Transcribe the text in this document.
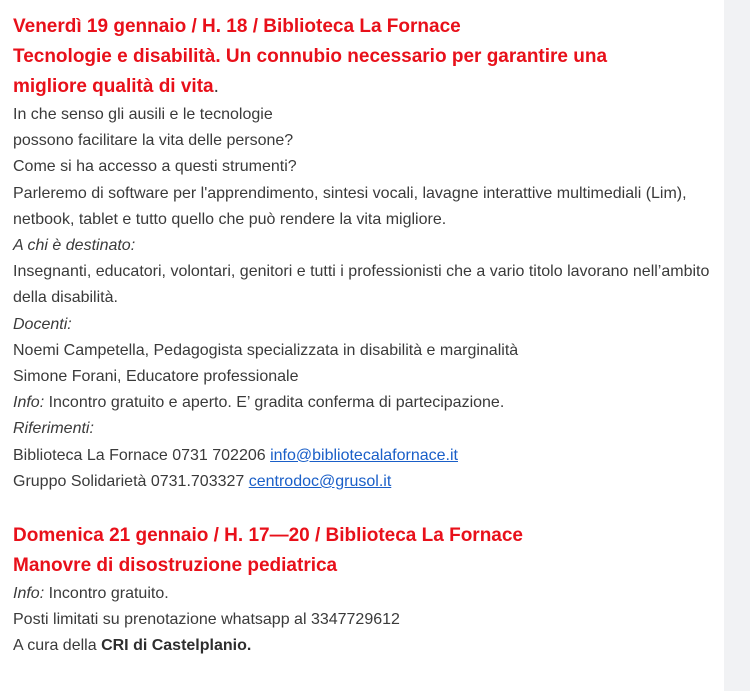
Venerdì 19 gennaio / H. 18 / Biblioteca La Fornace
Tecnologie e disabilità. Un connubio necessario per garantire una
migliore qualità di vita.
In che senso gli ausili e le tecnologie
possono facilitare la vita delle persone?
Come si ha accesso a questi strumenti?
Parleremo di software per l'apprendimento, sintesi vocali, lavagne interattive multimediali (Lim), netbook, tablet e tutto quello che può rendere la vita migliore.
A chi è destinato:
Insegnanti, educatori, volontari, genitori e tutti i professionisti che a vario titolo lavorano nell’ambito della disabilità.
Docenti:
Noemi Campetella, Pedagogista specializzata in disabilità e marginalità
Simone Forani, Educatore professionale
Info: Incontro gratuito e aperto. E’ gradita conferma di partecipazione.
Riferimenti:
Biblioteca La Fornace 0731 702206 info@bibliotecalafornace.it
Gruppo Solidarietà 0731.703327 centrodoc@grusol.it
Domenica 21 gennaio / H. 17—20 / Biblioteca La Fornace
Manovre di disostruzione pediatrica
Info: Incontro gratuito.
Posti limitati su prenotazione whatsapp al 3347729612
A cura della CRI di Castelplanio.
